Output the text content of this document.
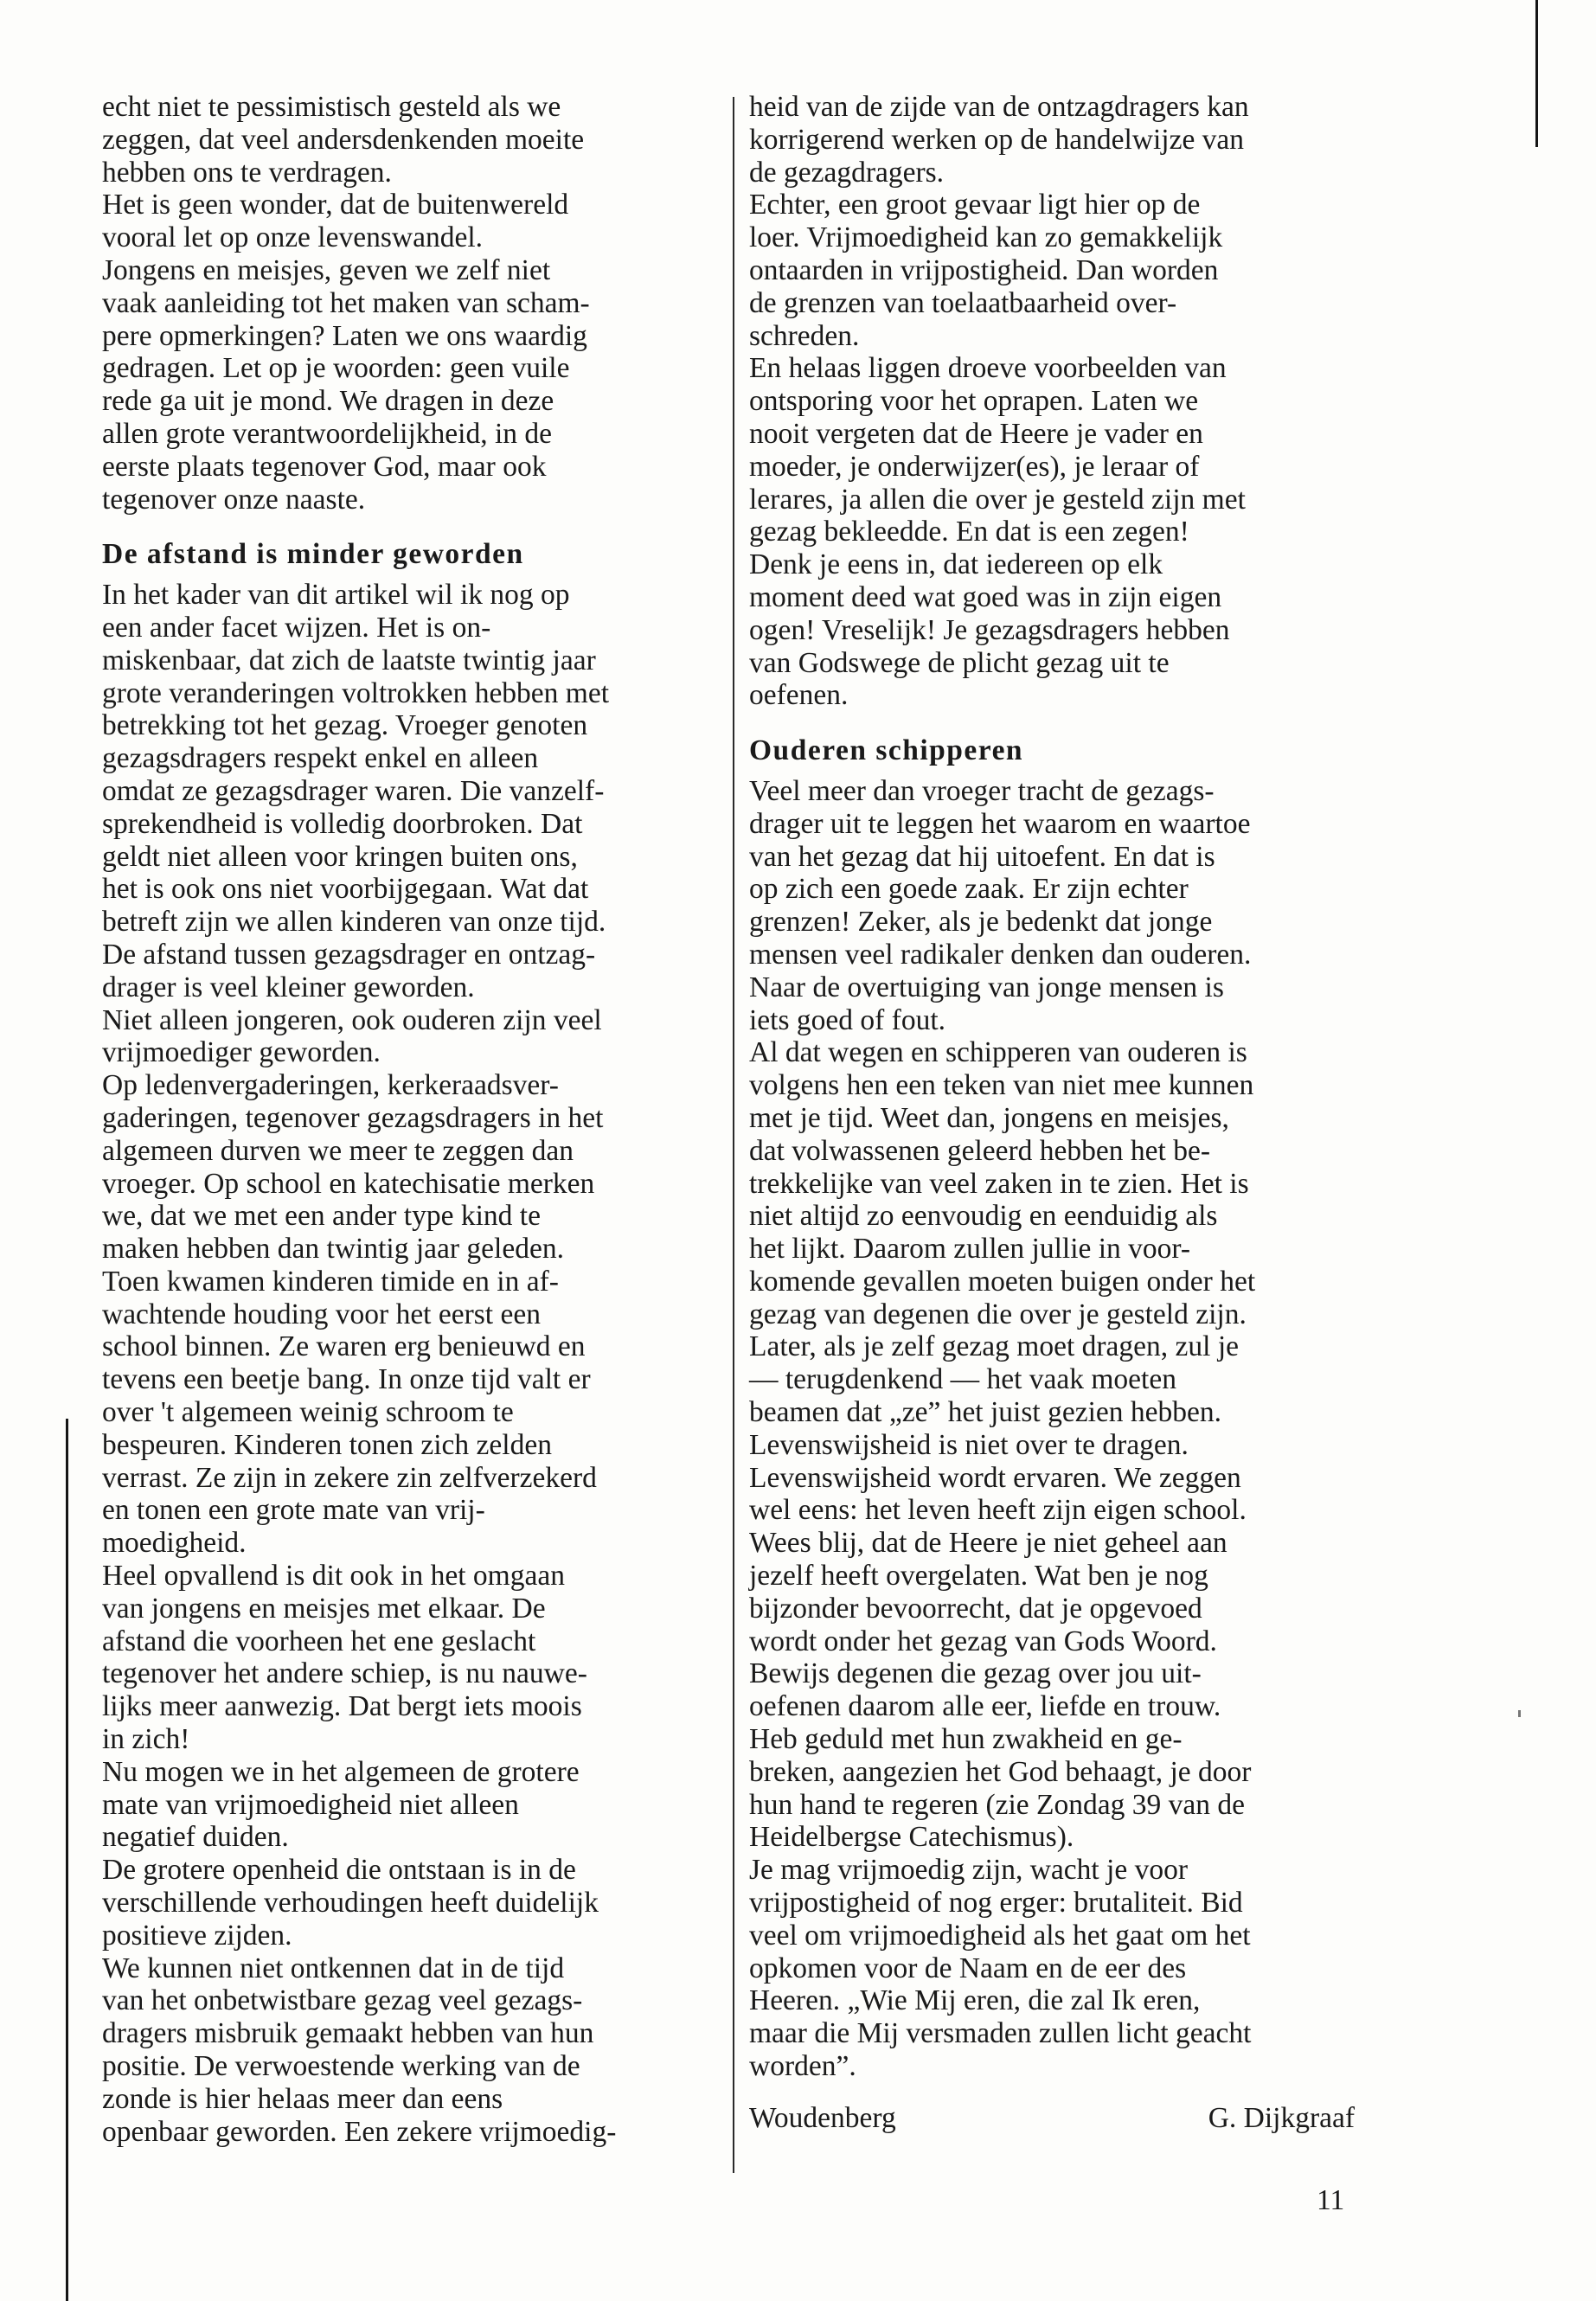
echt niet te pessimistisch gesteld als we
zeggen, dat veel andersdenkenden moeite
hebben ons te verdragen.
Het is geen wonder, dat de buitenwereld
vooral let op onze levenswandel.
Jongens en meisjes, geven we zelf niet
vaak aanleiding tot het maken van scham-
pere opmerkingen? Laten we ons waardig
gedragen. Let op je woorden: geen vuile
rede ga uit je mond. We dragen in deze
allen grote verantwoordelijkheid, in de
eerste plaats tegenover God, maar ook
tegenover onze naaste.
De afstand is minder geworden
In het kader van dit artikel wil ik nog op
een ander facet wijzen. Het is on-
miskenbaar, dat zich de laatste twintig jaar
grote veranderingen voltrokken hebben met
betrekking tot het gezag. Vroeger genoten
gezagsdragers respekt enkel en alleen
omdat ze gezagsdrager waren. Die vanzelf-
sprekendheid is volledig doorbroken. Dat
geldt niet alleen voor kringen buiten ons,
het is ook ons niet voorbijgegaan. Wat dat
betreft zijn we allen kinderen van onze tijd.
De afstand tussen gezagsdrager en ontzag-
drager is veel kleiner geworden.
Niet alleen jongeren, ook ouderen zijn veel
vrijmoediger geworden.
Op ledenvergaderingen, kerkeraadsver-
gaderingen, tegenover gezagsdragers in het
algemeen durven we meer te zeggen dan
vroeger. Op school en katechisatie merken
we, dat we met een ander type kind te
maken hebben dan twintig jaar geleden.
Toen kwamen kinderen timide en in af-
wachtende houding voor het eerst een
school binnen. Ze waren erg benieuwd en
tevens een beetje bang. In onze tijd valt er
over 't algemeen weinig schroom te
bespeuren. Kinderen tonen zich zelden
verrast. Ze zijn in zekere zin zelfverzekerd
en tonen een grote mate van vrij-
moedigheid.
Heel opvallend is dit ook in het omgaan
van jongens en meisjes met elkaar. De
afstand die voorheen het ene geslacht
tegenover het andere schiep, is nu nauwe-
lijks meer aanwezig. Dat bergt iets moois
in zich!
Nu mogen we in het algemeen de grotere
mate van vrijmoedigheid niet alleen
negatief duiden.
De grotere openheid die ontstaan is in de
verschillende verhoudingen heeft duidelijk
positieve zijden.
We kunnen niet ontkennen dat in de tijd
van het onbetwistbare gezag veel gezags-
dragers misbruik gemaakt hebben van hun
positie. De verwoestende werking van de
zonde is hier helaas meer dan eens
openbaar geworden. Een zekere vrijmoedig-
heid van de zijde van de ontzagdragers kan
korrigerend werken op de handelwijze van
de gezagdragers.
Echter, een groot gevaar ligt hier op de
loer. Vrijmoedigheid kan zo gemakkelijk
ontaarden in vrijpostigheid. Dan worden
de grenzen van toelaatbaarheid over-
schreden.
En helaas liggen droeve voorbeelden van
ontsporing voor het oprapen. Laten we
nooit vergeten dat de Heere je vader en
moeder, je onderwijzer(es), je leraar of
lerares, ja allen die over je gesteld zijn met
gezag bekleedde. En dat is een zegen!
Denk je eens in, dat iedereen op elk
moment deed wat goed was in zijn eigen
ogen! Vreselijk! Je gezagsdragers hebben
van Godswege de plicht gezag uit te
oefenen.
Ouderen schipperen
Veel meer dan vroeger tracht de gezags-
drager uit te leggen het waarom en waartoe
van het gezag dat hij uitoefent. En dat is
op zich een goede zaak. Er zijn echter
grenzen! Zeker, als je bedenkt dat jonge
mensen veel radikaler denken dan ouderen.
Naar de overtuiging van jonge mensen is
iets goed of fout.
Al dat wegen en schipperen van ouderen is
volgens hen een teken van niet mee kunnen
met je tijd. Weet dan, jongens en meisjes,
dat volwassenen geleerd hebben het be-
trekkelijke van veel zaken in te zien. Het is
niet altijd zo eenvoudig en eenduidig als
het lijkt. Daarom zullen jullie in voor-
komende gevallen moeten buigen onder het
gezag van degenen die over je gesteld zijn.
Later, als je zelf gezag moet dragen, zul je
— terugdenkend — het vaak moeten
beamen dat „ze” het juist gezien hebben.
Levenswijsheid is niet over te dragen.
Levenswijsheid wordt ervaren. We zeggen
wel eens: het leven heeft zijn eigen school.
Wees blij, dat de Heere je niet geheel aan
jezelf heeft overgelaten. Wat ben je nog
bijzonder bevoorrecht, dat je opgevoed
wordt onder het gezag van Gods Woord.
Bewijs degenen die gezag over jou uit-
oefenen daarom alle eer, liefde en trouw.
Heb geduld met hun zwakheid en ge-
breken, aangezien het God behaagt, je door
hun hand te regeren (zie Zondag 39 van de
Heidelbergse Catechismus).
Je mag vrijmoedig zijn, wacht je voor
vrijpostigheid of nog erger: brutaliteit. Bid
veel om vrijmoedigheid als het gaat om het
opkomen voor de Naam en de eer des
Heeren. „Wie Mij eren, die zal Ik eren,
maar die Mij versmaden zullen licht geacht
worden”.
Woudenberg	G. Dijkgraaf
11
